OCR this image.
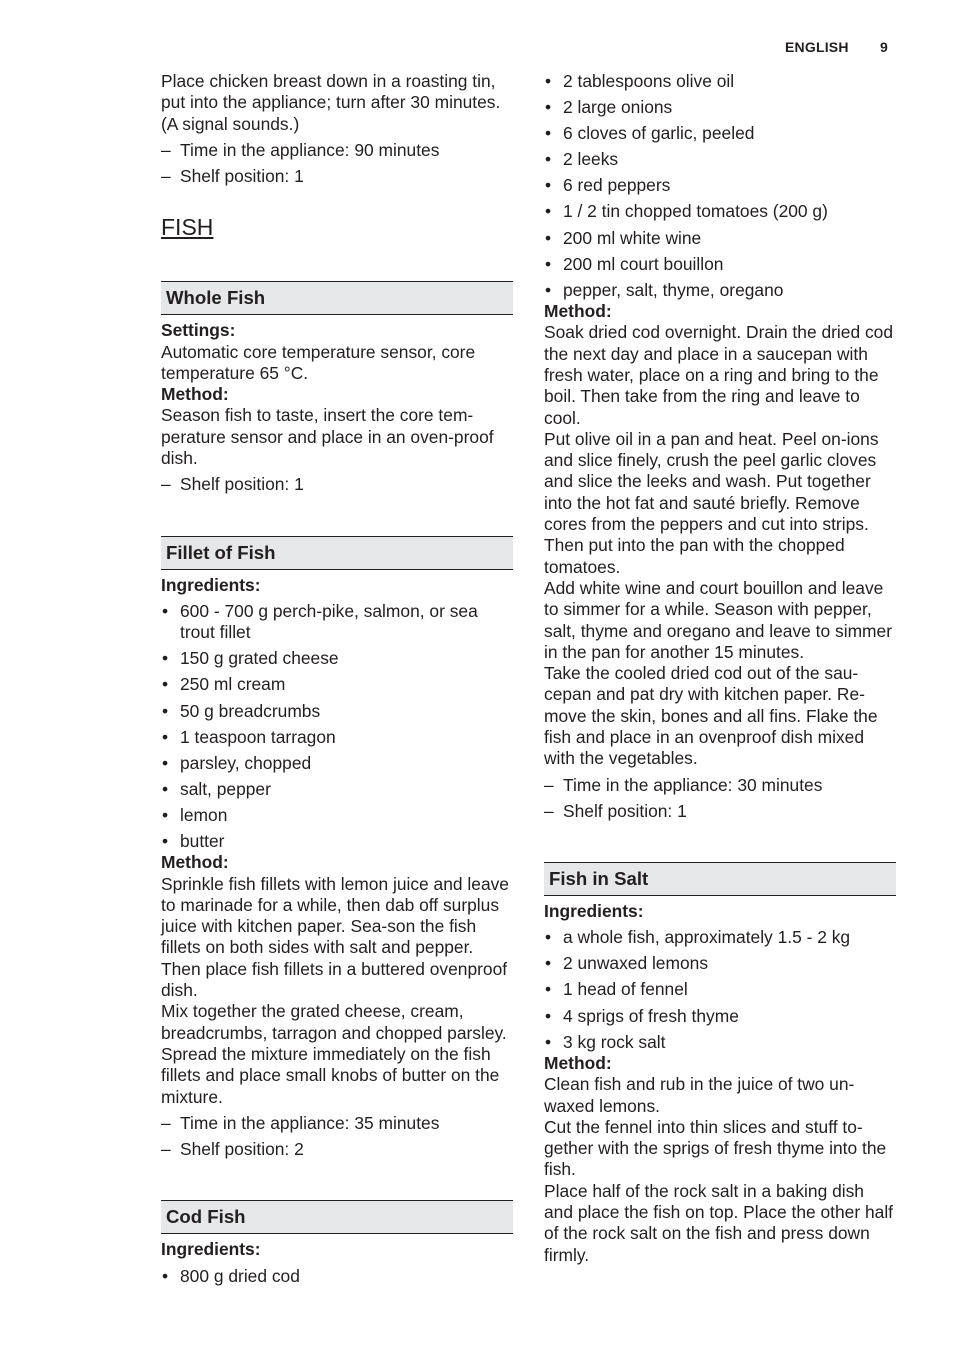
ENGLISH 9

Place chicken breast down in a roasting tin, put into the appliance; turn after 30 minutes. (A signal sounds.)

– Time in the appliance: 90 minutes
– Shelf position: 1
FISH
Whole Fish

Settings:

Automatic core temperature sensor, core temperature 65 °C.

Method:

Season fish to taste, insert the core tem-perature sensor and place in an oven-proof dish.

– Shelf position: 1
Fillet of Fish

Ingredients:

• 600 - 700 g perch-pike, salmon, or sea trout fillet
• 150 g grated cheese
• 250 ml cream
• 50 g breadcrumbs
• 1 teaspoon tarragon
• parsley, chopped
• salt, pepper
• lemon
• butter

Method:

Sprinkle fish fillets with lemon juice and leave to marinade for a while, then dab off surplus juice with kitchen paper. Sea-son the fish fillets on both sides with salt and pepper. Then place fish fillets in a buttered ovenproof dish.

Mix together the grated cheese, cream, breadcrumbs, tarragon and chopped parsley. Spread the mixture immediately on the fish fillets and place small knobs of butter on the mixture.

– Time in the appliance: 35 minutes
– Shelf position: 2
Cod Fish

Ingredients:

• 800 g dried cod
• 2 tablespoons olive oil
• 2 large onions
• 6 cloves of garlic, peeled
• 2 leeks
• 6 red peppers
• 1 / 2 tin chopped tomatoes (200 g)
• 200 ml white wine
• 200 ml court bouillon
• pepper, salt, thyme, oregano

Method:

Soak dried cod overnight. Drain the dried cod the next day and place in a saucepan with fresh water, place on a ring and bring to the boil. Then take from the ring and leave to cool.

Put olive oil in a pan and heat. Peel on-ions and slice finely, crush the peel garlic cloves and slice the leeks and wash. Put together into the hot fat and sauté briefly. Remove cores from the peppers and cut into strips. Then put into the pan with the chopped tomatoes.

Add white wine and court bouillon and leave to simmer for a while. Season with pepper, salt, thyme and oregano and leave to simmer in the pan for another 15 minutes.

Take the cooled dried cod out of the sau-cepan and pat dry with kitchen paper. Re-move the skin, bones and all fins. Flake the fish and place in an ovenproof dish mixed with the vegetables.

– Time in the appliance: 30 minutes
– Shelf position: 1
Fish in Salt

Ingredients:

• a whole fish, approximately 1.5 - 2 kg
• 2 unwaxed lemons
• 1 head of fennel
• 4 sprigs of fresh thyme
• 3 kg rock salt

Method:

Clean fish and rub in the juice of two un-waxed lemons.

Cut the fennel into thin slices and stuff to-gether with the sprigs of fresh thyme into the fish.

Place half of the rock salt in a baking dish and place the fish on top. Place the other half of the rock salt on the fish and press down firmly.
